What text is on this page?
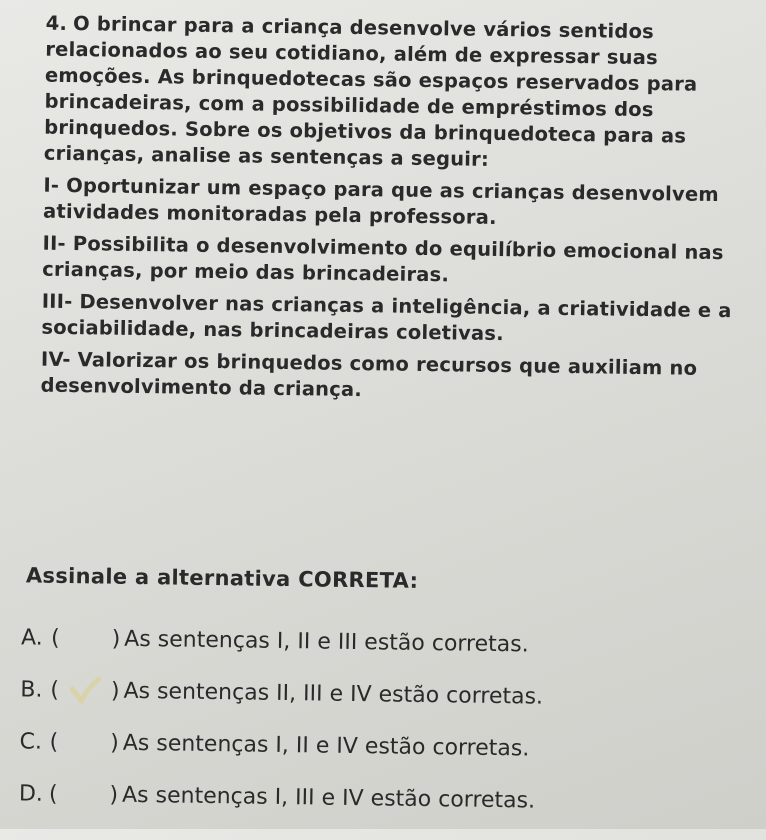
4. O brincar para a criança desenvolve vários sentidos relacionados ao seu cotidiano, além de expressar suas emoções. As brinquedotecas são espaços reservados para brincadeiras, com a possibilidade de empréstimos dos brinquedos. Sobre os objetivos da brinquedoteca para as crianças, analise as sentenças a seguir:

I- Oportunizar um espaço para que as crianças desenvolvem atividades monitoradas pela professora.

II- Possibilita o desenvolvimento do equilíbrio emocional nas crianças, por meio das brincadeiras.

III- Desenvolver nas crianças a inteligência, a criatividade e a sociabilidade, nas brincadeiras coletivas.

IV- Valorizar os brinquedos como recursos que auxiliam no desenvolvimento da criança.

Assinale a alternativa CORRETA:
A. ( ) As sentenças I, II e III estão corretas.
B. ( ) As sentenças II, III e IV estão corretas.
C. ( ) As sentenças I, II e IV estão corretas.
D. ( ) As sentenças I, III e IV estão corretas.
